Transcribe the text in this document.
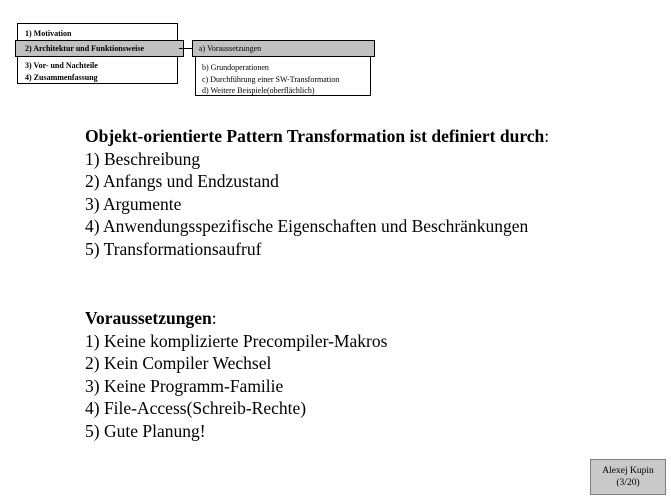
1) Motivation
3) Vor- und Nachteile
4) Zusammenfassung
2) Architektur und Funktionsweise
b) Grundoperationen
c) Durchführung einer SW-Transformation
d) Weitere Beispiele(oberflächlich)
a) Voraussetzungen
Objekt-orientierte Pattern Transformation ist definiert durch:
1) Beschreibung
2) Anfangs und Endzustand
3) Argumente
4) Anwendungsspezifische Eigenschaften und Beschränkungen
5) Transformationsaufruf
Voraussetzungen:
1) Keine komplizierte Precompiler-Makros
2) Kein Compiler Wechsel
3) Keine Programm-Familie
4) File-Access(Schreib-Rechte)
5) Gute Planung!
Alexej Kupin
(3/20)
